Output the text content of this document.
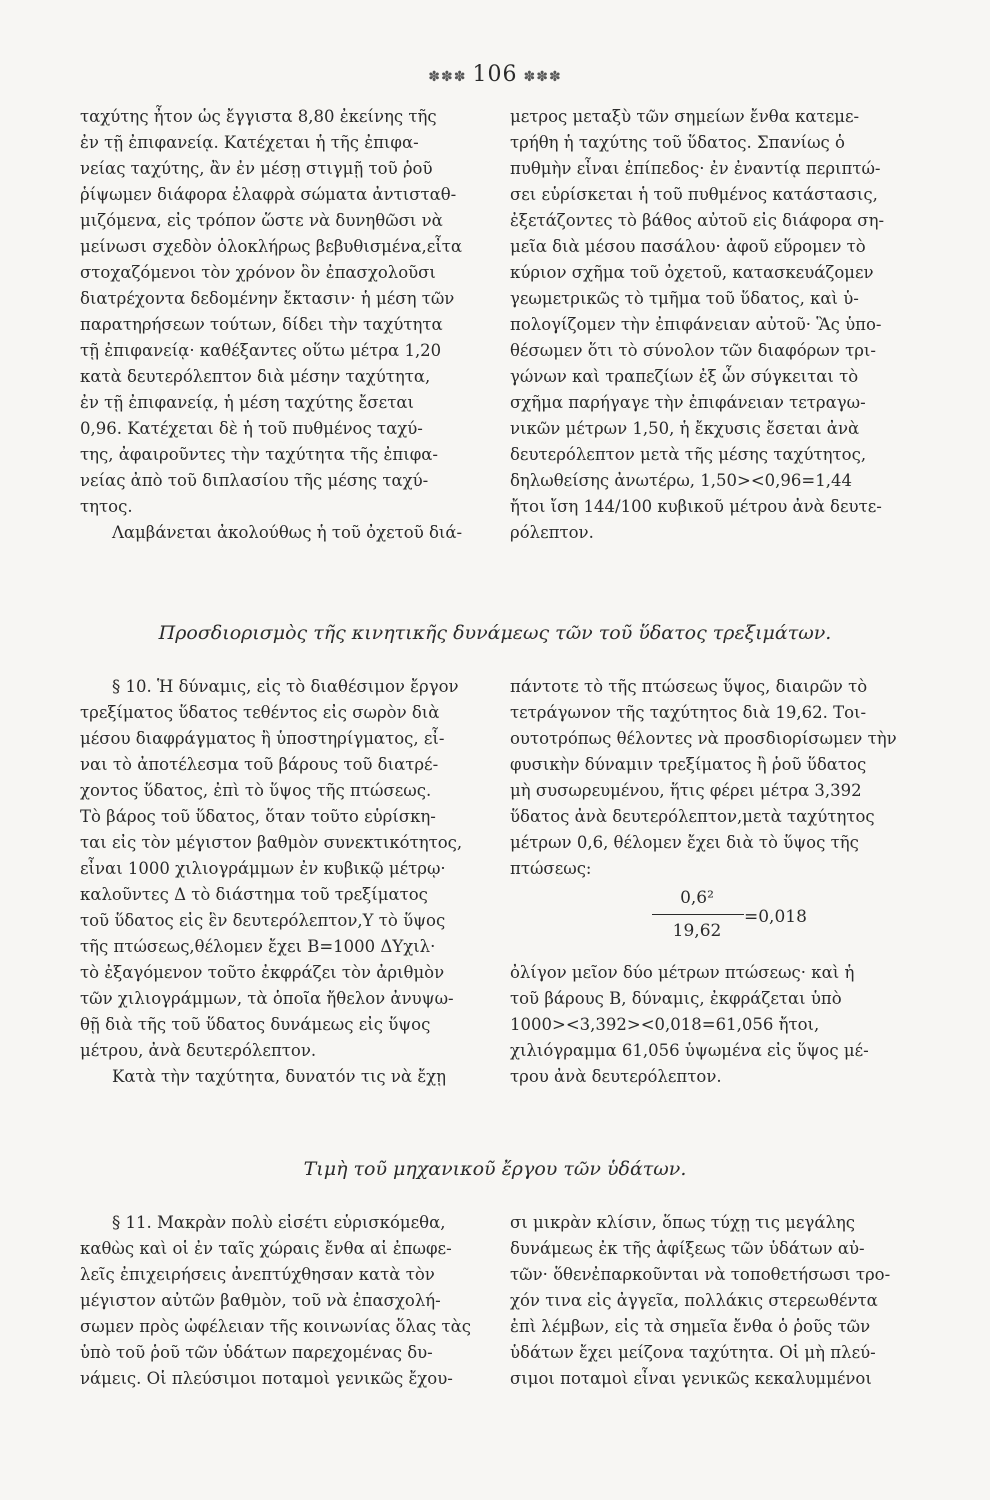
✽✽✽ 106 ✽✽✽
ταχύτης ἦτον ὡς ἔγγιστα 8,80 ἐκείνης τῆς
ἐν τῇ ἐπιφανείᾳ. Κατέχεται ἡ τῆς ἐπιφα-
νείας ταχύτης, ἂν ἐν μέσῃ στιγμῇ τοῦ ῥοῦ
ῥίψωμεν διάφορα ἐλαφρὰ σώματα ἀντισταθ-
μιζόμενα, εἰς τρόπον ὥστε νὰ δυνηθῶσι νὰ
μείνωσι σχεδὸν ὁλοκλήρως βεβυθισμένα,εἶτα
στοχαζόμενοι τὸν χρόνον ὃν ἐπασχολοῦσι
διατρέχοντα δεδομένην ἔκτασιν· ἡ μέση τῶν
παρατηρήσεων τούτων, δίδει τὴν ταχύτητα
τῇ ἐπιφανείᾳ· καθέξαντες οὕτω μέτρα 1,20
κατὰ δευτερόλεπτον διὰ μέσην ταχύτητα,
ἐν τῇ ἐπιφανείᾳ, ἡ μέση ταχύτης ἔσεται
0,96. Κατέχεται δὲ ἡ τοῦ πυθμένος ταχύ-
της, ἀφαιροῦντες τὴν ταχύτητα τῆς ἐπιφα-
νείας ἀπὸ τοῦ διπλασίου τῆς μέσης ταχύ-
τητος.
Λαμβάνεται ἀκολούθως ἡ τοῦ ὀχετοῦ διά-
μετρος μεταξὺ τῶν σημείων ἔνθα κατεμε-
τρήθη ἡ ταχύτης τοῦ ὕδατος. Σπανίως ὁ
πυθμὴν εἶναι ἐπίπεδος· ἐν ἐναντίᾳ περιπτώ-
σει εὑρίσκεται ἡ τοῦ πυθμένος κατάστασις,
ἐξετάζοντες τὸ βάθος αὐτοῦ εἰς διάφορα ση-
μεῖα διὰ μέσου πασάλου· ἀφοῦ εὕρομεν τὸ
κύριον σχῆμα τοῦ ὀχετοῦ, κατασκευάζομεν
γεωμετρικῶς τὸ τμῆμα τοῦ ὕδατος, καὶ ὑ-
πολογίζομεν τὴν ἐπιφάνειαν αὐτοῦ· Ἃς ὑπο-
θέσωμεν ὅτι τὸ σύνολον τῶν διαφόρων τρι-
γώνων καὶ τραπεζίων ἐξ ὧν σύγκειται τὸ
σχῆμα παρήγαγε τὴν ἐπιφάνειαν τετραγω-
νικῶν μέτρων 1,50, ἡ ἔκχυσις ἔσεται ἀνὰ
δευτερόλεπτον μετὰ τῆς μέσης ταχύτητος,
δηλωθείσης ἀνωτέρω, 1,50><0,96=1,44
ἤτοι ἴση 144/100 κυβικοῦ μέτρου ἀνὰ δευτε-
ρόλεπτον.
Προσδιορισμὸς τῆς κινητικῆς δυνάμεως τῶν τοῦ ὕδατος τρεξιμάτων.
§ 10. Ἡ δύναμις, εἰς τὸ διαθέσιμον ἔργον
τρεξίματος ὕδατος τεθέντος εἰς σωρὸν διὰ
μέσου διαφράγματος ἢ ὑποστηρίγματος, εἶ-
ναι τὸ ἀποτέλεσμα τοῦ βάρους τοῦ διατρέ-
χοντος ὕδατος, ἐπὶ τὸ ὕψος τῆς πτώσεως.
Τὸ βάρος τοῦ ὕδατος, ὅταν τοῦτο εὑρίσκη-
ται εἰς τὸν μέγιστον βαθμὸν συνεκτικότητος,
εἶναι 1000 χιλιογράμμων ἐν κυβικῷ μέτρῳ·
καλοῦντες Δ τὸ διάστημα τοῦ τρεξίματος
τοῦ ὕδατος εἰς ἓν δευτερόλεπτον,Υ τὸ ὕψος
τῆς πτώσεως,θέλομεν ἔχει Β=1000 ΔΥχιλ·
τὸ ἐξαγόμενον τοῦτο ἐκφράζει τὸν ἀριθμὸν
τῶν χιλιογράμμων, τὰ ὁποῖα ἤθελον ἀνυψω-
θῇ διὰ τῆς τοῦ ὕδατος δυνάμεως εἰς ὕψος
μέτρου, ἀνὰ δευτερόλεπτον.
Κατὰ τὴν ταχύτητα, δυνατόν τις νὰ ἔχῃ
πάντοτε τὸ τῆς πτώσεως ὕψος, διαιρῶν τὸ
τετράγωνον τῆς ταχύτητος διὰ 19,62. Τοι-
ουτοτρόπως θέλοντες νὰ προσδιορίσωμεν τὴν
φυσικὴν δύναμιν τρεξίματος ἢ ῥοῦ ὕδατος
μὴ συσωρευμένου, ἥτις φέρει μέτρα 3,392
ὕδατος ἀνὰ δευτερόλεπτον,μετὰ ταχύτητος
μέτρων 0,6, θέλομεν ἔχει διὰ τὸ ὕψος τῆς
πτώσεως:
0,6²
19,62
=0,018
ὀλίγον μεῖον δύο μέτρων πτώσεως· καὶ ἡ
τοῦ βάρους Β, δύναμις, ἐκφράζεται ὑπὸ
1000><3,392><0,018=61,056 ἤτοι,
χιλιόγραμμα 61,056 ὑψωμένα εἰς ὕψος μέ-
τρου ἀνὰ δευτερόλεπτον.
Τιμὴ τοῦ μηχανικοῦ ἔργου τῶν ὑδάτων.
§ 11. Μακρὰν πολὺ εἰσέτι εὑρισκόμεθα,
καθὼς καὶ οἱ ἐν ταῖς χώραις ἔνθα αἱ ἐπωφε-
λεῖς ἐπιχειρήσεις ἀνεπτύχθησαν κατὰ τὸν
μέγιστον αὐτῶν βαθμὸν, τοῦ νὰ ἐπασχολή-
σωμεν πρὸς ὠφέλειαν τῆς κοινωνίας ὅλας τὰς
ὑπὸ τοῦ ῥοῦ τῶν ὑδάτων παρεχομένας δυ-
νάμεις. Οἱ πλεύσιμοι ποταμοὶ γενικῶς ἔχου-
σι μικρὰν κλίσιν, ὅπως τύχῃ τις μεγάλης
δυνάμεως ἐκ τῆς ἀφίξεως τῶν ὑδάτων αὐ-
τῶν· ὅθενἐπαρκοῦνται νὰ τοποθετήσωσι τρο-
χόν τινα εἰς ἀγγεῖα, πολλάκις στερεωθέντα
ἐπὶ λέμβων, εἰς τὰ σημεῖα ἔνθα ὁ ῥοῦς τῶν
ὑδάτων ἔχει μείζονα ταχύτητα. Οἱ μὴ πλεύ-
σιμοι ποταμοὶ εἶναι γενικῶς κεκαλυμμένοι
